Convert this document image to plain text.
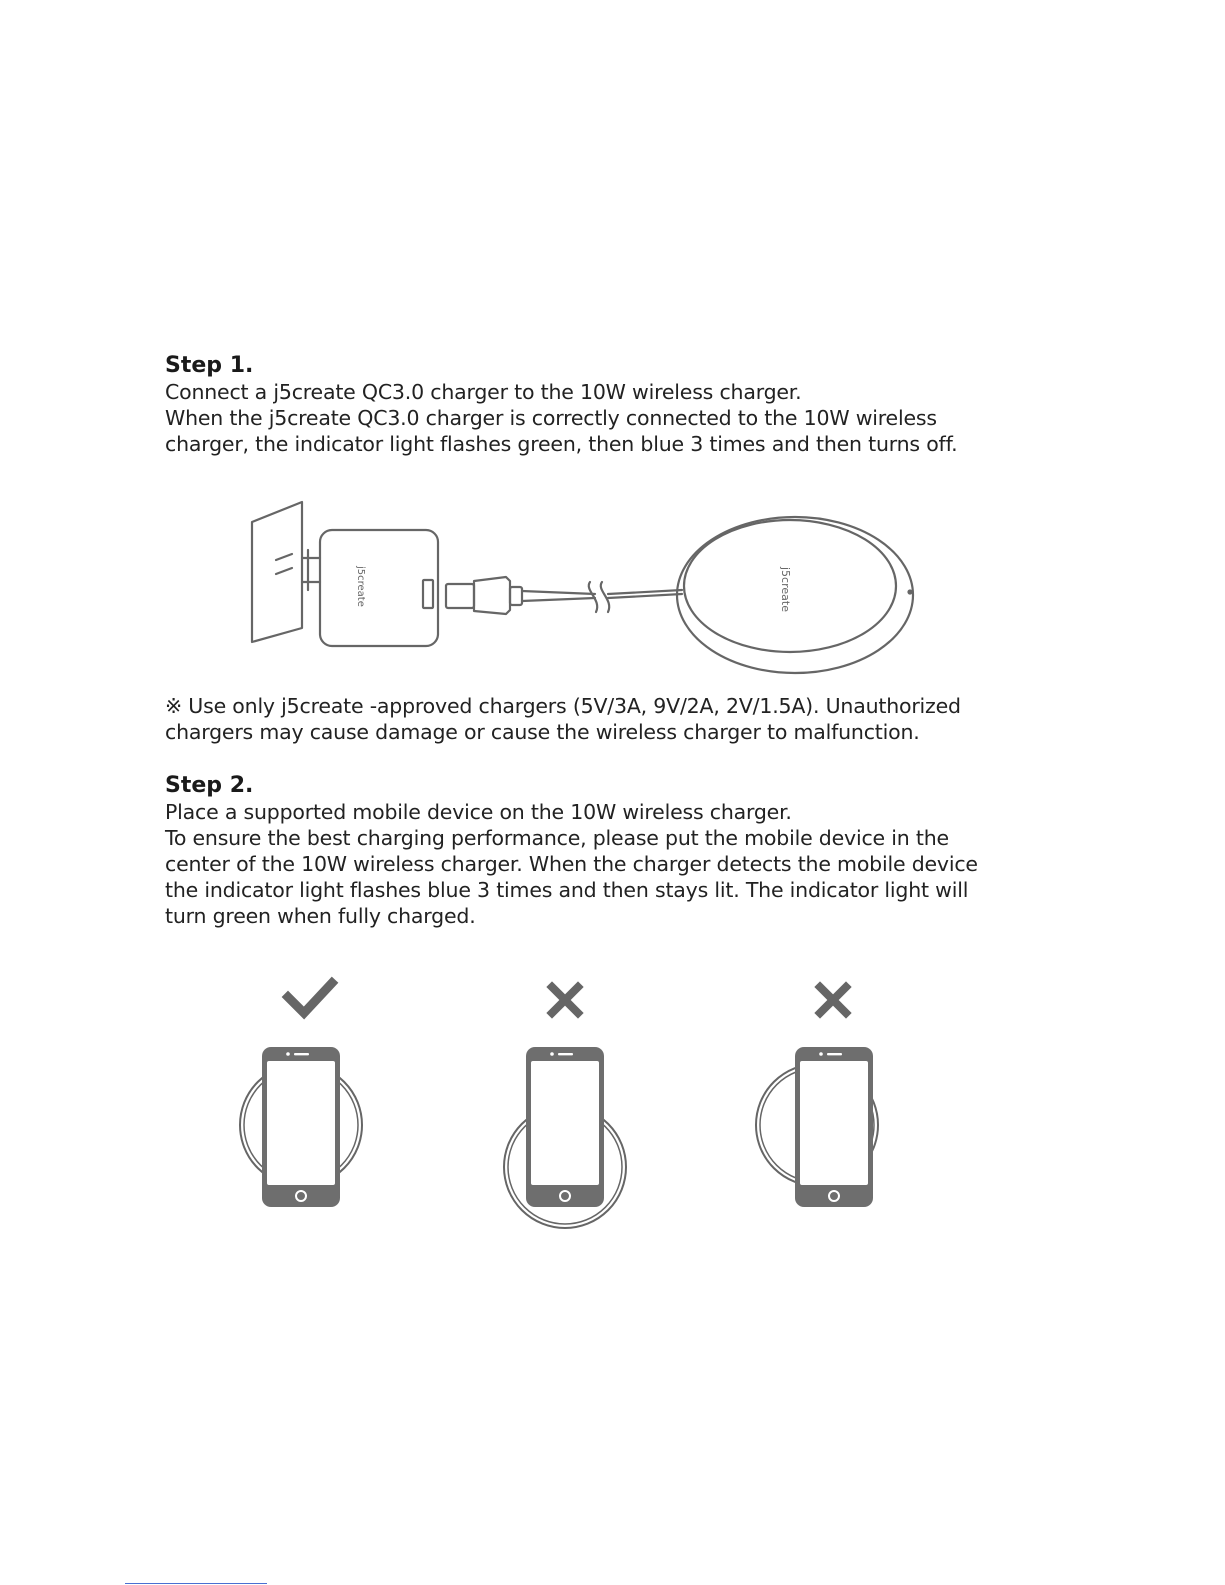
Step 1.
Connect a j5create QC3.0 charger to the 10W wireless charger.
When the j5create QC3.0 charger is correctly connected to the 10W wireless
charger, the indicator light flashes green, then blue 3 times and then turns off.
j5create	j5create
※ Use only j5create -approved chargers (5V/3A, 9V/2A, 2V/1.5A). Unauthorized
chargers may cause damage or cause the wireless charger to malfunction.
Step 2.
Place a supported mobile device on the 10W wireless charger.
To ensure the best charging performance, please put the mobile device in the
center of the 10W wireless charger. When the charger detects the mobile device
the indicator light flashes blue 3 times and then stays lit. The indicator light will
turn green when fully charged.
